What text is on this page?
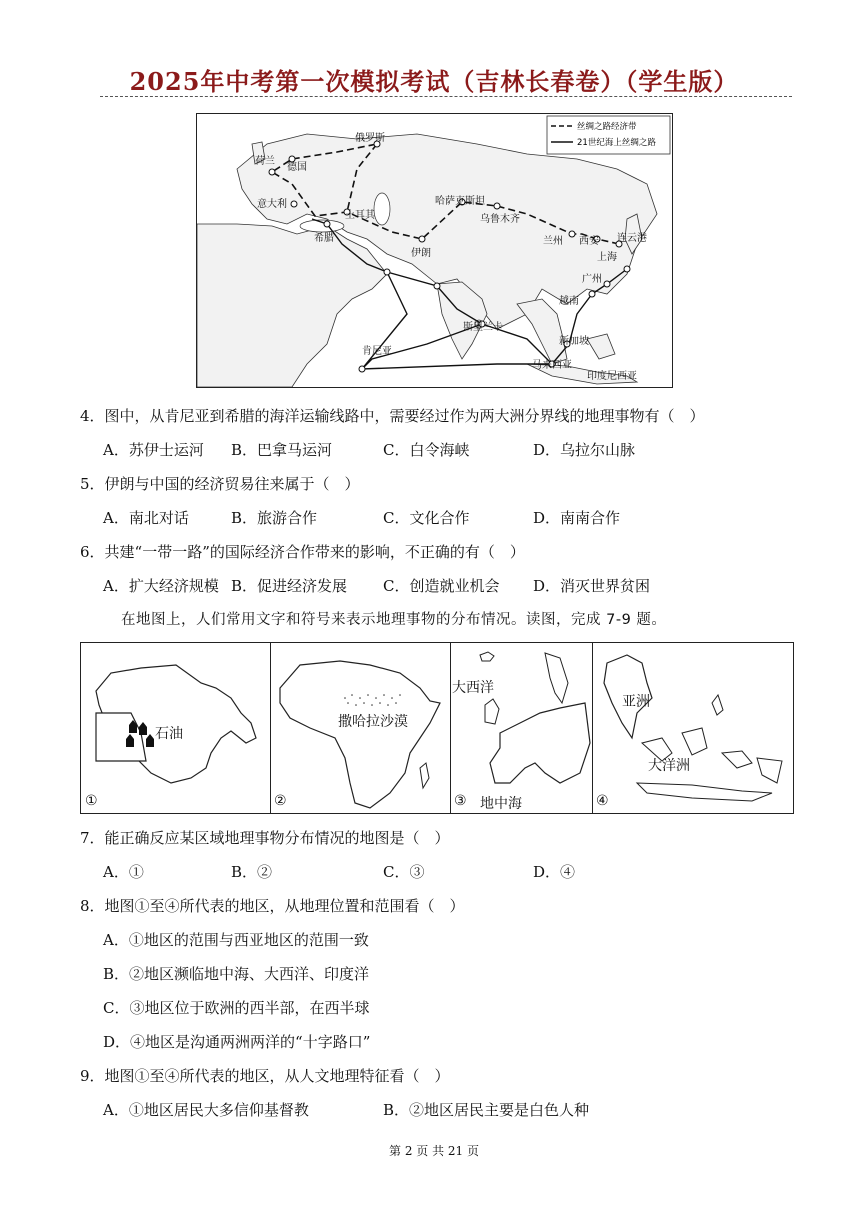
2025年中考第一次模拟考试（吉林长春卷）（学生版）
丝绸之路经济带
21世纪海上丝绸之路
俄罗斯
荷兰
德国
意大利
土耳其
希腊
哈萨克斯坦
乌鲁木齐
兰州 西安 连云港
上海
伊朗
广州
越南
斯里兰卡
新加坡
肯尼亚
马来西亚
印度尼西亚
4．图中，从肯尼亚到希腊的海洋运输线路中，需要经过作为两大洲分界线的地理事物有（　）
A．苏伊士运河 B．巴拿马运河	C．白令海峡	D．乌拉尔山脉
5．伊朗与中国的经济贸易往来属于（　）
A．南北对话	B．旅游合作	C．文化合作	D．南南合作
6．共建“一带一路”的国际经济合作带来的影响，不正确的有（　）
A．扩大经济规模 B．促进经济发展 C．创造就业机会 D．消灭世界贫困
在地图上，人们常用文字和符号来表示地理事物的分布情况。读图，完成 7-9 题。
石油
①
撒哈拉沙漠
②
大西洋
③ 地中海
亚洲
大洋洲
④
7．能正确反应某区域地理事物分布情况的地图是（　）
A．①	B．②	C．③	D．④
8．地图①至④所代表的地区，从地理位置和范围看（　）
A．①地区的范围与西亚地区的范围一致
B．②地区濒临地中海、大西洋、印度洋
C．③地区位于欧洲的西半部，在西半球
D．④地区是沟通两洲两洋的“十字路口”
9．地图①至④所代表的地区，从人文地理特征看（　）
A．①地区居民大多信仰基督教	B．②地区居民主要是白色人种
第 2 页 共 21 页
